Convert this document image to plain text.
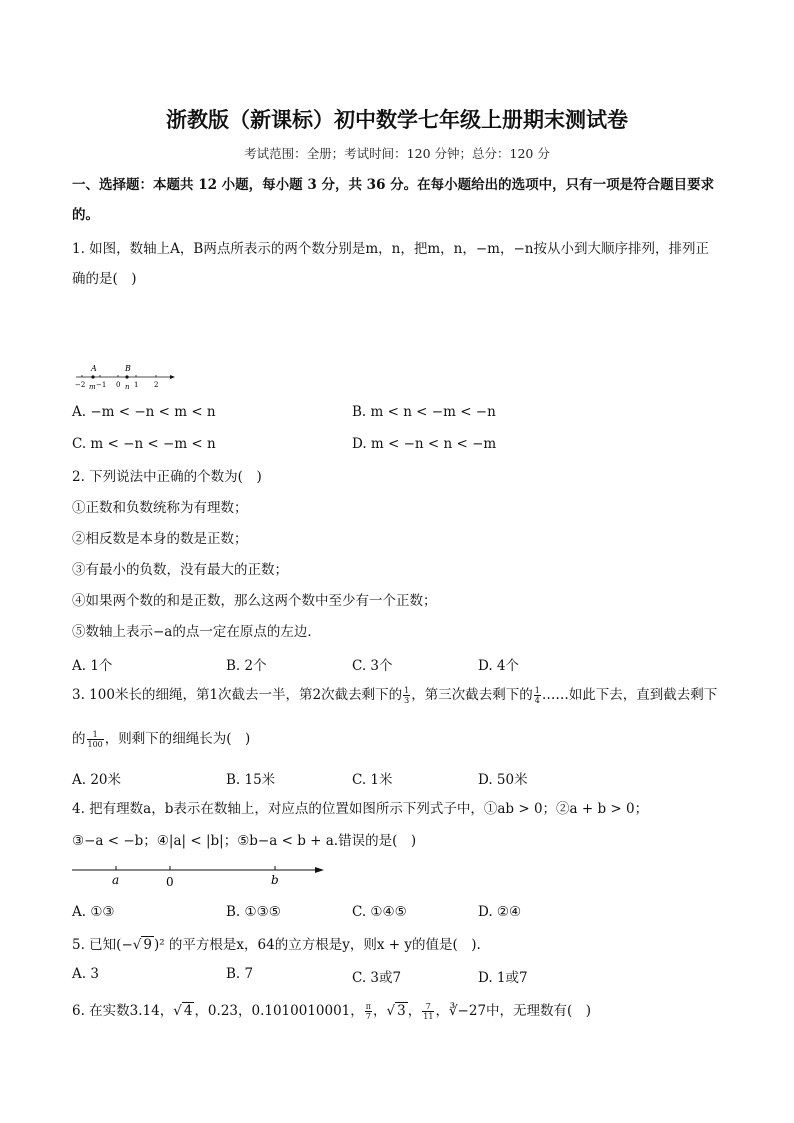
浙教版（新课标）初中数学七年级上册期末测试卷
考试范围：全册；考试时间：120 分钟；总分：120 分
一、选择题：本题共 12 小题，每小题 3 分，共 36 分。在每小题给出的选项中，只有一项是符合题目要求
的。
1. 如图，数轴上A，B两点所表示的两个数分别是m，n，把m，n，−m，−n按从小到大顺序排列，排列正
确的是(　)
A	B
−2 m −1 0 n 1 2
A. −m < −n < m < n	B. m < n < −m < −n
C. m < −n < −m < n	D. m < −n < n < −m
2. 下列说法中正确的个数为(　)
①正数和负数统称为有理数；
②相反数是本身的数是正数；
③有最小的负数，没有最大的正数；
④如果两个数的和是正数，那么这两个数中至少有一个正数；
⑤数轴上表示−a的点一定在原点的左边．
A. 1个	B. 2个	C. 3个	D. 4个
3. 100米长的细绳，第1次截去一半，第2次截去剩下的 $\frac{1}{3}$ ，第三次截去剩下的 $\frac{1}{4}$ ……如此下去，直到截去剩下
的 $\frac{1}{100}$ ，则剩下的细绳长为(　)
A. 20米	B. 15米	C. 1米	D. 50米
4. 把有理数a，b表示在数轴上，对应点的位置如图所示下列式子中，①ab > 0；②a + b > 0；
③−a < −b；④|a| < |b|；⑤b−a < b + a.错误的是(　)
a	0	b
A. ①③	B. ①③⑤	C. ①④⑤	D. ②④
5. 已知(−√ 9 )² 的平方根是x，64的立方根是y，则x + y的值是(　).
A. 3	B. 7	C. 3或7	D. 1或7
6. 在实数3.14，√ 4 ，0.23，0.1010010001， $\frac{\pi}{7}$ ，√ 3 ， $\frac{7}{11}$ ，∛−27中，无理数有(　)
